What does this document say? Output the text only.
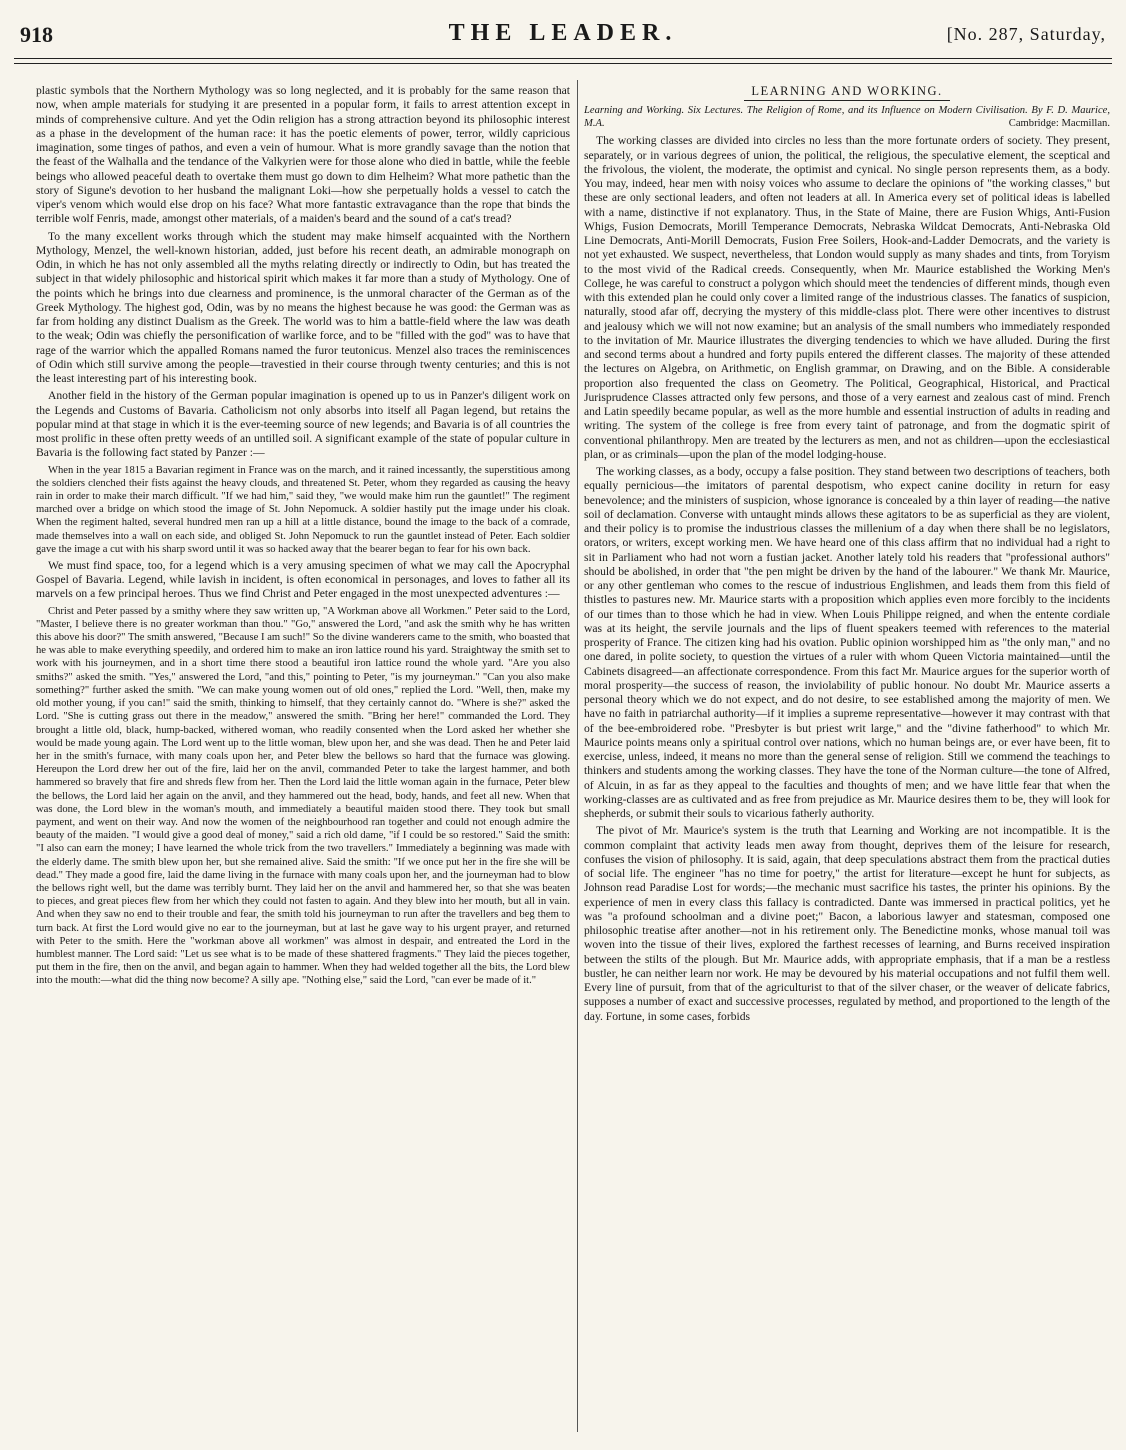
918	THE LEADER.	[No. 287, Saturday,

plastic symbols that the Northern Mythology was so long neglected, and it is probably for the same reason that now, when ample materials for studying it are presented in a popular form, it fails to arrest attention except in minds of comprehensive culture. And yet the Odin religion has a strong attraction beyond its philosophic interest as a phase in the development of the human race: it has the poetic elements of power, terror, wildly capricious imagination, some tinges of pathos, and even a vein of humour. What is more grandly savage than the notion that the feast of the Walhalla and the tendance of the Valkyrien were for those alone who died in battle, while the feeble beings who allowed peaceful death to overtake them must go down to dim Helheim? What more pathetic than the story of Sigune's devotion to her husband the malignant Loki—how she perpetually holds a vessel to catch the viper's venom which would else drop on his face? What more fantastic extravagance than the rope that binds the terrible wolf Fenris, made, amongst other materials, of a maiden's beard and the sound of a cat's tread?

To the many excellent works through which the student may make himself acquainted with the Northern Mythology, Menzel, the well-known historian, added, just before his recent death, an admirable monograph on Odin, in which he has not only assembled all the myths relating directly or indirectly to Odin, but has treated the subject in that widely philosophic and historical spirit which makes it far more than a study of Mythology. One of the points which he brings into due clearness and prominence, is the unmoral character of the German as of the Greek Mythology. The highest god, Odin, was by no means the highest because he was good: the German was as far from holding any distinct Dualism as the Greek. The world was to him a battle-field where the law was death to the weak; Odin was chiefly the personification of warlike force, and to be "filled with the god" was to have that rage of the warrior which the appalled Romans named the furor teutonicus. Menzel also traces the reminiscences of Odin which still survive among the people—travestied in their course through twenty centuries; and this is not the least interesting part of his interesting book.

Another field in the history of the German popular imagination is opened up to us in Panzer's diligent work on the Legends and Customs of Bavaria. Catholicism not only absorbs into itself all Pagan legend, but retains the popular mind at that stage in which it is the ever-teeming source of new legends; and Bavaria is of all countries the most prolific in these often pretty weeds of an untilled soil. A significant example of the state of popular culture in Bavaria is the following fact stated by Panzer :—

When in the year 1815 a Bavarian regiment in France was on the march, and it rained incessantly, the superstitious among the soldiers clenched their fists against the heavy clouds, and threatened St. Peter, whom they regarded as causing the heavy rain in order to make their march difficult. "If we had him," said they, "we would make him run the gauntlet!" The regiment marched over a bridge on which stood the image of St. John Nepomuck. A soldier hastily put the image under his cloak. When the regiment halted, several hundred men ran up a hill at a little distance, bound the image to the back of a comrade, made themselves into a wall on each side, and obliged St. John Nepomuck to run the gauntlet instead of Peter. Each soldier gave the image a cut with his sharp sword until it was so hacked away that the bearer began to fear for his own back.

We must find space, too, for a legend which is a very amusing specimen of what we may call the Apocryphal Gospel of Bavaria. Legend, while lavish in incident, is often economical in personages, and loves to father all its marvels on a few principal heroes. Thus we find Christ and Peter engaged in the most unexpected adventures :—

Christ and Peter passed by a smithy where they saw written up, "A Workman above all Workmen." Peter said to the Lord, "Master, I believe there is no greater workman than thou." "Go," answered the Lord, "and ask the smith why he has written this above his door?" The smith answered, "Because I am such!" So the divine wanderers came to the smith, who boasted that he was able to make everything speedily, and ordered him to make an iron lattice round his yard. Straightway the smith set to work with his journeymen, and in a short time there stood a beautiful iron lattice round the whole yard. "Are you also smiths?" asked the smith. "Yes," answered the Lord, "and this," pointing to Peter, "is my journeyman." "Can you also make something?" further asked the smith. "We can make young women out of old ones," replied the Lord. "Well, then, make my old mother young, if you can!" said the smith, thinking to himself, that they certainly cannot do. "Where is she?" asked the Lord. "She is cutting grass out there in the meadow," answered the smith. "Bring her here!" commanded the Lord. They brought a little old, black, hump-backed, withered woman, who readily consented when the Lord asked her whether she would be made young again. The Lord went up to the little woman, blew upon her, and she was dead. Then he and Peter laid her in the smith's furnace, with many coals upon her, and Peter blew the bellows so hard that the furnace was glowing. Hereupon the Lord drew her out of the fire, laid her on the anvil, commanded Peter to take the largest hammer, and both hammered so bravely that fire and shreds flew from her. Then the Lord laid the little woman again in the furnace, Peter blew the bellows, the Lord laid her again on the anvil, and they hammered out the head, body, hands, and feet all new. When that was done, the Lord blew in the woman's mouth, and immediately a beautiful maiden stood there. They took but small payment, and went on their way. And now the women of the neighbourhood ran together and could not enough admire the beauty of the maiden. "I would give a good deal of money," said a rich old dame, "if I could be so restored." Said the smith: "I also can earn the money; I have learned the whole trick from the two travellers." Immediately a beginning was made with the elderly dame. The smith blew upon her, but she remained alive. Said the smith: "If we once put her in the fire she will be dead." They made a good fire, laid the dame living in the furnace with many coals upon her, and the journeyman had to blow the bellows right well, but the dame was terribly burnt. They laid her on the anvil and hammered her, so that she was beaten to pieces, and great pieces flew from her which they could not fasten to again. And they blew into her mouth, but all in vain. And when they saw no end to their trouble and fear, the smith told his journeyman to run after the travellers and beg them to turn back. At first the Lord would give no ear to the journeyman, but at last he gave way to his urgent prayer, and returned with Peter to the smith. Here the "workman above all workmen" was almost in despair, and entreated the Lord in the humblest manner. The Lord said: "Let us see what is to be made of these shattered fragments." They laid the pieces together, put them in the fire, then on the anvil, and began again to hammer. When they had welded together all the bits, the Lord blew into the mouth:—what did the thing now become? A silly ape. "Nothing else," said the Lord, "can ever be made of it."

LEARNING AND WORKING.
Learning and Working. Six Lectures. The Religion of Rome, and its Influence on Modern Civilisation. By F. D. Maurice, M.A.	Cambridge: Macmillan.

The working classes are divided into circles no less than the more fortunate orders of society. They present, separately, or in various degrees of union, the political, the religious, the speculative element, the sceptical and the frivolous, the violent, the moderate, the optimist and cynical. No single person represents them, as a body. You may, indeed, hear men with noisy voices who assume to declare the opinions of "the working classes," but these are only sectional leaders, and often not leaders at all. In America every set of political ideas is labelled with a name, distinctive if not explanatory. Thus, in the State of Maine, there are Fusion Whigs, Anti-Fusion Whigs, Fusion Democrats, Morill Temperance Democrats, Nebraska Wildcat Democrats, Anti-Nebraska Old Line Democrats, Anti-Morill Democrats, Fusion Free Soilers, Hook-and-Ladder Democrats, and the variety is not yet exhausted. We suspect, nevertheless, that London would supply as many shades and tints, from Toryism to the most vivid of the Radical creeds. Consequently, when Mr. Maurice established the Working Men's College, he was careful to construct a polygon which should meet the tendencies of different minds, though even with this extended plan he could only cover a limited range of the industrious classes. The fanatics of suspicion, naturally, stood afar off, decrying the mystery of this middle-class plot. There were other incentives to distrust and jealousy which we will not now examine; but an analysis of the small numbers who immediately responded to the invitation of Mr. Maurice illustrates the diverging tendencies to which we have alluded. During the first and second terms about a hundred and forty pupils entered the different classes. The majority of these attended the lectures on Algebra, on Arithmetic, on English grammar, on Drawing, and on the Bible. A considerable proportion also frequented the class on Geometry. The Political, Geographical, Historical, and Practical Jurisprudence Classes attracted only few persons, and those of a very earnest and zealous cast of mind. French and Latin speedily became popular, as well as the more humble and essential instruction of adults in reading and writing. The system of the college is free from every taint of patronage, and from the dogmatic spirit of conventional philanthropy. Men are treated by the lecturers as men, and not as children—upon the ecclesiastical plan, or as criminals—upon the plan of the model lodging-house.

The working classes, as a body, occupy a false position. They stand between two descriptions of teachers, both equally pernicious—the imitators of parental despotism, who expect canine docility in return for easy benevolence; and the ministers of suspicion, whose ignorance is concealed by a thin layer of reading—the native soil of declamation. Converse with untaught minds allows these agitators to be as superficial as they are violent, and their policy is to promise the industrious classes the millenium of a day when there shall be no legislators, orators, or writers, except working men. We have heard one of this class affirm that no individual had a right to sit in Parliament who had not worn a fustian jacket. Another lately told his readers that "professional authors" should be abolished, in order that "the pen might be driven by the hand of the labourer." We thank Mr. Maurice, or any other gentleman who comes to the rescue of industrious Englishmen, and leads them from this field of thistles to pastures new. Mr. Maurice starts with a proposition which applies even more forcibly to the incidents of our times than to those which he had in view. When Louis Philippe reigned, and when the entente cordiale was at its height, the servile journals and the lips of fluent speakers teemed with references to the material prosperity of France. The citizen king had his ovation. Public opinion worshipped him as "the only man," and no one dared, in polite society, to question the virtues of a ruler with whom Queen Victoria maintained—until the Cabinets disagreed—an affectionate correspondence. From this fact Mr. Maurice argues for the superior worth of moral prosperity—the success of reason, the inviolability of public honour. No doubt Mr. Maurice asserts a personal theory which we do not expect, and do not desire, to see established among the majority of men. We have no faith in patriarchal authority—if it implies a supreme representative—however it may contrast with that of the bee-embroidered robe. "Presbyter is but priest writ large," and the "divine fatherhood" to which Mr. Maurice points means only a spiritual control over nations, which no human beings are, or ever have been, fit to exercise, unless, indeed, it means no more than the general sense of religion. Still we commend the teachings to thinkers and students among the working classes. They have the tone of the Norman culture—the tone of Alfred, of Alcuin, in as far as they appeal to the faculties and thoughts of men; and we have little fear that when the working-classes are as cultivated and as free from prejudice as Mr. Maurice desires them to be, they will look for shepherds, or submit their souls to vicarious fatherly authority.

The pivot of Mr. Maurice's system is the truth that Learning and Working are not incompatible. It is the common complaint that activity leads men away from thought, deprives them of the leisure for research, confuses the vision of philosophy. It is said, again, that deep speculations abstract them from the practical duties of social life. The engineer "has no time for poetry," the artist for literature—except he hunt for subjects, as Johnson read Paradise Lost for words;—the mechanic must sacrifice his tastes, the printer his opinions. By the experience of men in every class this fallacy is contradicted. Dante was immersed in practical politics, yet he was "a profound schoolman and a divine poet;" Bacon, a laborious lawyer and statesman, composed one philosophic treatise after another—not in his retirement only. The Benedictine monks, whose manual toil was woven into the tissue of their lives, explored the farthest recesses of learning, and Burns received inspiration between the stilts of the plough. But Mr. Maurice adds, with appropriate emphasis, that if a man be a restless bustler, he can neither learn nor work. He may be devoured by his material occupations and not fulfil them well. Every line of pursuit, from that of the agriculturist to that of the silver chaser, or the weaver of delicate fabrics, supposes a number of exact and successive processes, regulated by method, and proportioned to the length of the day. Fortune, in some cases, forbids
